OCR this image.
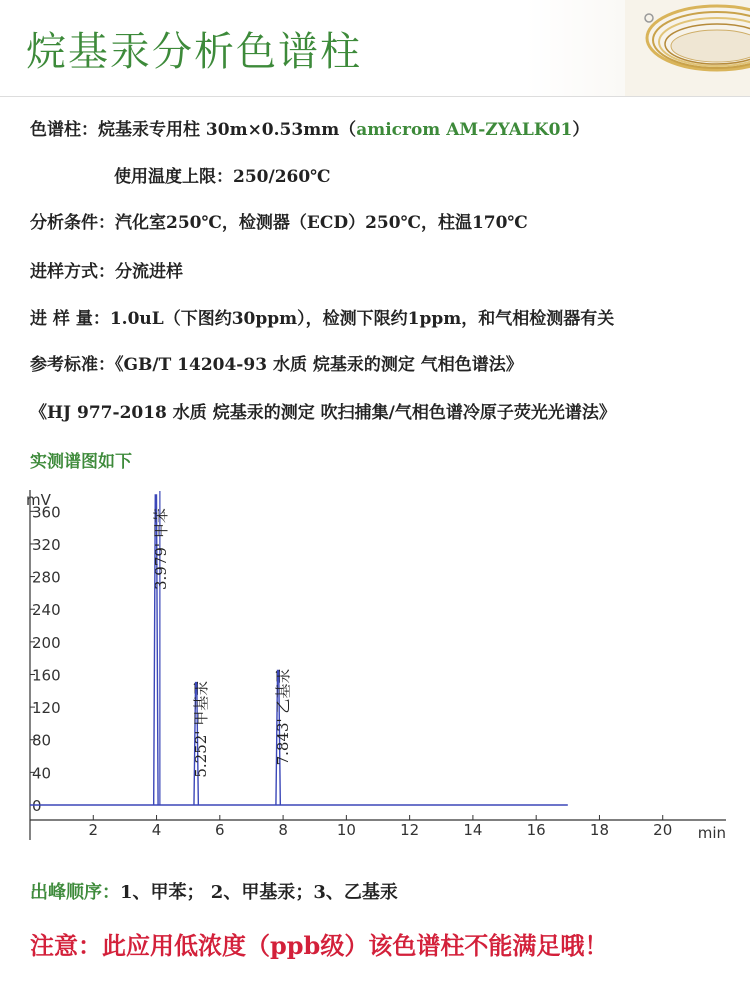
烷基汞分析色谱柱
色谱柱：烷基汞专用柱 30m×0.53mm（amicrom AM-ZYALK01）
使用温度上限：250/260℃
分析条件：汽化室250℃，检测器（ECD）250℃，柱温170℃
进样方式：分流进样
进 样 量：1.0uL（下图约30ppm），检测下限约1ppm，和气相检测器有关
参考标准：《GB/T 14204-93 水质 烷基汞的测定 气相色谱法》
《HJ 977-2018 水质 烷基汞的测定 吹扫捕集/气相色谱冷原子荧光光谱法》
实测谱图如下
0
40
80
120
160
200
240
280
320
360
2	4	6	8	10	12	14	16	18	20
mV
min
3.979' 甲苯
5.252' 甲基汞	7.843' 乙基汞
出峰顺序：1、甲苯； 2、甲基汞；3、乙基汞
注意：此应用低浓度（ppb级）该色谱柱不能满足哦！
